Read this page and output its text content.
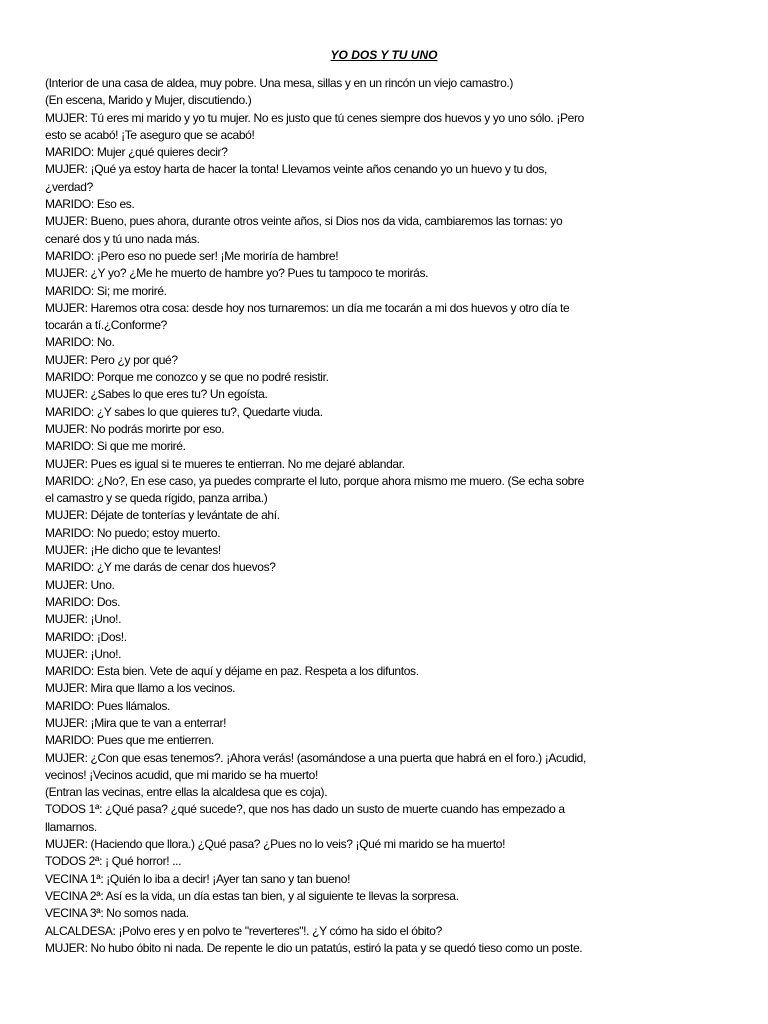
YO DOS Y TU UNO
(Interior de una casa de aldea, muy pobre. Una mesa, sillas y en un rincón un viejo camastro.)
(En escena, Marido y Mujer, discutiendo.)
MUJER: Tú eres mi marido y yo tu mujer. No es justo que tú cenes siempre dos huevos y yo uno sólo. ¡Pero
esto se acabó! ¡Te aseguro que se acabó!
MARIDO: Mujer ¿qué quieres decir?
MUJER: ¡Qué ya estoy harta de hacer la tonta! Llevamos veinte años cenando yo un huevo y tu dos,
¿verdad?
MARIDO: Eso es.
MUJER: Bueno, pues ahora, durante otros veinte años, si Dios nos da vida, cambiaremos las tornas: yo
cenaré dos y tú uno nada más.
MARIDO: ¡Pero eso no puede ser! ¡Me moriría de hambre!
MUJER: ¿Y yo? ¿Me he muerto de hambre yo? Pues tu tampoco te morirás.
MARIDO: Si; me moriré.
MUJER: Haremos otra cosa: desde hoy nos turnaremos: un día me tocarán a mi dos huevos y otro día te
tocarán a tí.¿Conforme?
MARIDO: No.
MUJER: Pero ¿y por qué?
MARIDO: Porque me conozco y se que no podré resistir.
MUJER: ¿Sabes lo que eres tu? Un egoísta.
MARIDO: ¿Y sabes lo que quieres tu?, Quedarte viuda.
MUJER: No podrás morirte por eso.
MARIDO: Si que me moriré.
MUJER: Pues es igual si te mueres te entierran. No me dejaré ablandar.
MARIDO: ¿No?, En ese caso, ya puedes comprarte el luto, porque ahora mismo me muero. (Se echa sobre
el camastro y se queda rígido, panza arriba.)
MUJER: Déjate de tonterías y levántate de ahí.
MARIDO: No puedo; estoy muerto.
MUJER: ¡He dicho que te levantes!
MARIDO: ¿Y me darás de cenar dos huevos?
MUJER: Uno.
MARIDO: Dos.
MUJER: ¡Uno!.
MARIDO: ¡Dos!.
MUJER: ¡Uno!.
MARIDO: Esta bien. Vete de aquí y déjame en paz. Respeta a los difuntos.
MUJER: Mira que llamo a los vecinos.
MARIDO: Pues llámalos.
MUJER: ¡Mira que te van a enterrar!
MARIDO: Pues que me entierren.
MUJER: ¿Con que esas tenemos?. ¡Ahora verás! (asomándose a una puerta que habrá en el foro.) ¡Acudid,
vecinos! ¡Vecinos acudid, que mi marido se ha muerto!
(Entran las vecinas, entre ellas la alcaldesa que es coja).
TODOS 1ª: ¿Qué pasa? ¿qué sucede?, que nos has dado un susto de muerte cuando has empezado a
llamarnos.
MUJER: (Haciendo que llora.) ¿Qué pasa? ¿Pues no lo veis? ¡Qué mi marido se ha muerto!
TODOS 2ª: ¡ Qué horror! ...
VECINA 1ª: ¡Quién lo iba a decir! ¡Ayer tan sano y tan bueno!
VECINA 2ª: Así es la vida, un día estas tan bien, y al siguiente te llevas la sorpresa.
VECINA 3ª: No somos nada.
ALCALDESA: ¡Polvo eres y en polvo te "reverteres"!. ¿Y cómo ha sido el óbito?
MUJER: No hubo óbito ni nada. De repente le dio un patatús, estiró la pata y se quedó tieso como un poste.
